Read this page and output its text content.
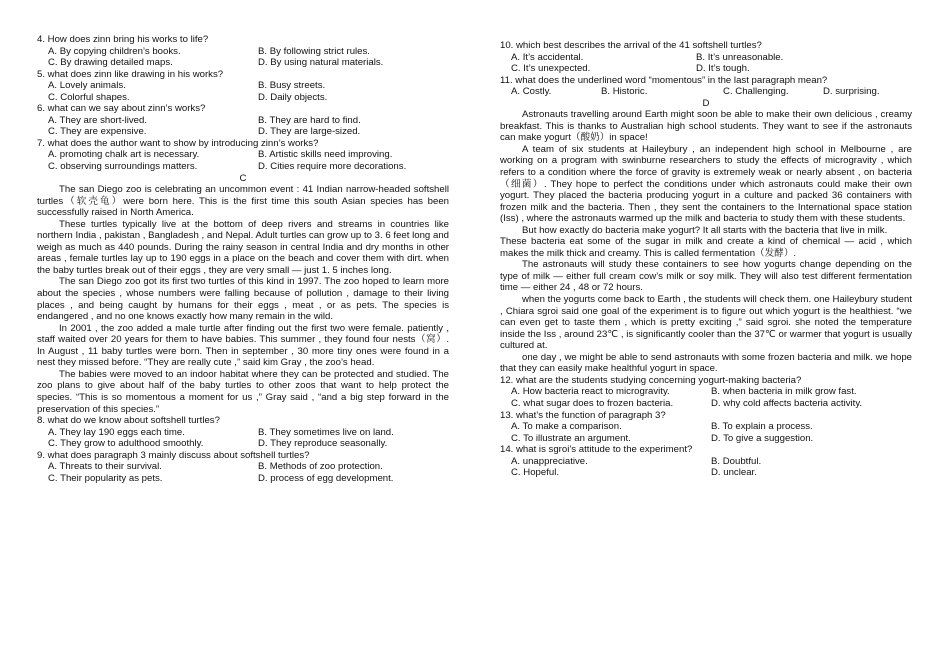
4. How does zinn bring his works to life?

A. By copying children’s books.	B. By following strict rules.
C. By drawing detailed maps.	D. By using natural materials.

5. what does zinn like drawing in his works?

A. Lovely animals.	B. Busy streets.
C. Colorful shapes.	D. Daily objects.

6. what can we say about zinn’s works?

A. They are short-lived.	B. They are hard to find.
C. They are expensive.	D. They are large-sized.

7. what does the author want to show by introducing zinn’s works?

A. promoting chalk art is necessary.	B. Artistic skills need improving.
C. observing surroundings matters.	D. Cities require more decorations.

C

The san Diego zoo is celebrating an uncommon event : 41 Indian narrow-headed softshell turtles（软壳龟）were born here. This is the first time this south Asian species has been successfully raised in North America.

These turtles typically live at the bottom of deep rivers and streams in countries like northern India , pakistan , Bangladesh , and Nepal. Adult turtles can grow up to 3. 6 feet long and weigh as much as 440 pounds. During the rainy season in central India and dry months in other areas , female turtles lay up to 190 eggs in a place on the beach and cover them with dirt. when the baby turtles break out of their eggs , they are very small — just 1. 5 inches long.

The san Diego zoo got its first two turtles of this kind in 1997. The zoo hoped to learn more about the species , whose numbers were falling because of pollution , damage to their living places , and being caught by humans for their eggs , meat , or as pets. The species is endangered , and no one knows exactly how many remain in the wild.

In 2001 , the zoo added a male turtle after finding out the first two were female. patiently , staff waited over 20 years for them to have babies. This summer , they found four nests（窝）. In August , 11 baby turtles were born. Then in september , 30 more tiny ones were found in a nest they missed before. “They are really cute ,” said kim Gray , the zoo’s head.

The babies were moved to an indoor habitat where they can be protected and studied. The zoo plans to give about half of the baby turtles to other zoos that want to help protect the species. “This is so momentous a moment for us ,” Gray said , “and a big step forward in the preservation of this species.”

8. what do we know about softshell turtles?

A. They lay 190 eggs each time.	B. They sometimes live on land.
C. They grow to adulthood smoothly.	D. They reproduce seasonally.

9. what does paragraph 3 mainly discuss about softshell turtles?

A. Threats to their survival.	B. Methods of zoo protection.
C. Their popularity as pets.	D. process of egg development.

10. which best describes the arrival of the 41 softshell turtles?

A. It’s accidental.	B. It’s unreasonable.
C. It’s unexpected.	D. It’s tough.

11. what does the underlined word “momentous” in the last paragraph mean?

A. Costly.	B. Historic.	C. Challenging.	D. surprising.

D

Astronauts travelling around Earth might soon be able to make their own delicious , creamy breakfast. This is thanks to Australian high school students. They want to see if the astronauts can make yogurt（酸奶）in space!

A team of six students at Haileybury , an independent high school in Melbourne , are working on a program with swinburne researchers to study the effects of microgravity , which refers to a condition where the force of gravity is extremely weak or nearly absent , on bacteria（细菌）. They hope to perfect the conditions under which astronauts could make their own yogurt. They placed the bacteria producing yogurt in a culture and packed 36 containers with frozen milk and the bacteria. Then , they sent the containers to the International space station (Iss) , where the astronauts warmed up the milk and bacteria to study them with these students.

But how exactly do bacteria make yogurt? It all starts with the bacteria that live in milk.

These bacteria eat some of the sugar in milk and create a kind of chemical — acid , which makes the milk thick and creamy. This is called fermentation（发酵）.

The astronauts will study these containers to see how yogurts change depending on the type of milk — either full cream cow’s milk or soy milk. They will also test different fermentation time — either 24 , 48 or 72 hours.

when the yogurts come back to Earth , the students will check them. one Haileybury student , Chiara sgroi said one goal of the experiment is to figure out which yogurt is the healthiest. “we can even get to taste them , which is pretty exciting ,” said sgroi. she noted the temperature inside the Iss , around 23℃ , is significantly cooler than the 37℃ or warmer that yogurt is usually cultured at.

one day , we might be able to send astronauts with some frozen bacteria and milk. we hope that they can easily make healthful yogurt in space.

12. what are the students studying concerning yogurt-making bacteria?

A. How bacteria react to microgravity.	B. when bacteria in milk grow fast.
C. what sugar does to frozen bacteria.	D. why cold affects bacteria activity.

13. what’s the function of paragraph 3?

A. To make a comparison.	B. To explain a process.
C. To illustrate an argument.	D. To give a suggestion.

14. what is sgroi’s attitude to the experiment?

A. unappreciative.	B. Doubtful.
C. Hopeful.	D. unclear.
